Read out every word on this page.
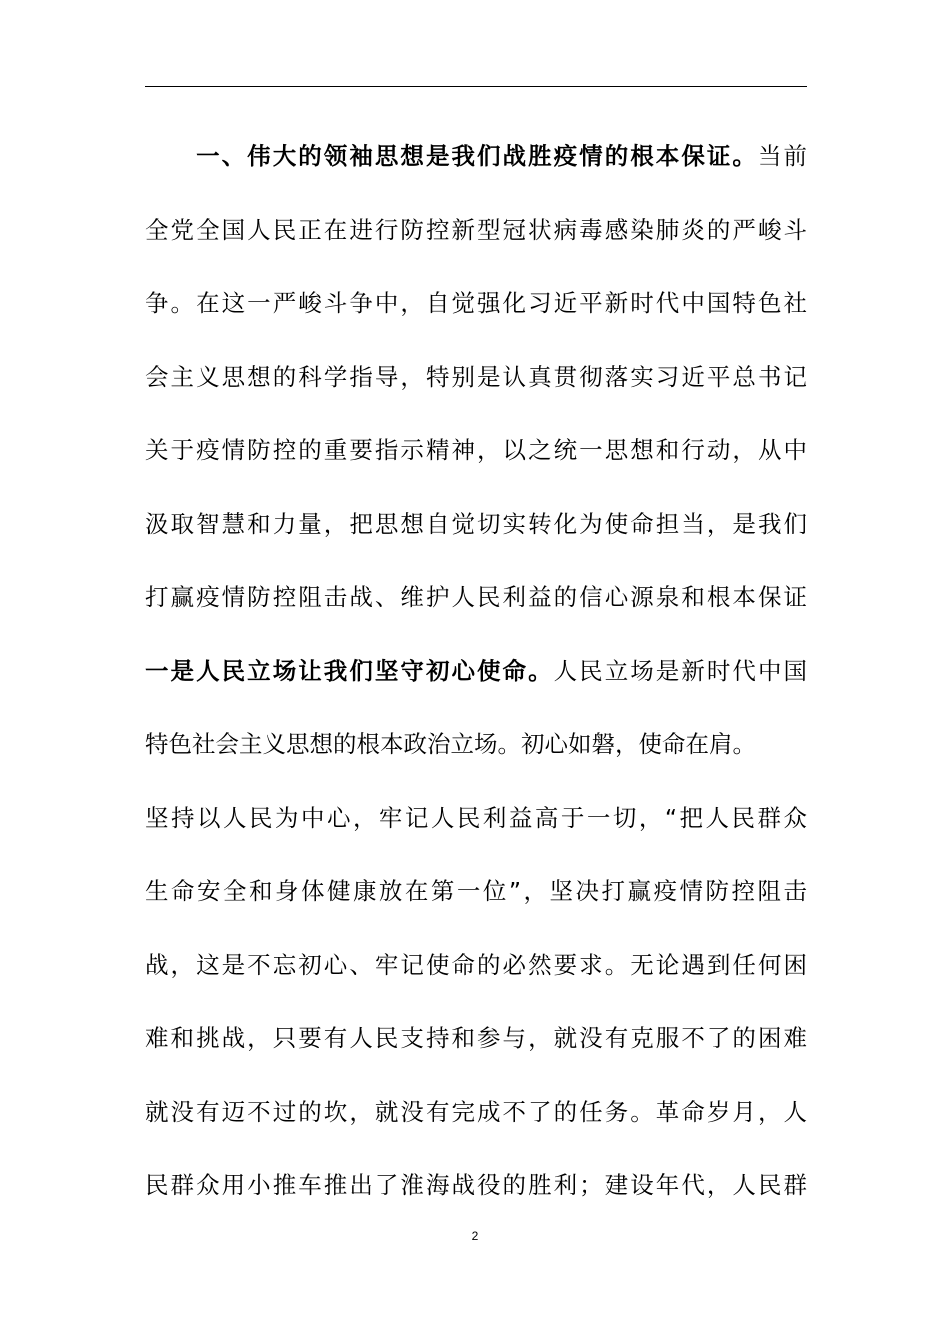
　　一、伟大的领袖思想是我们战胜疫情的根本保证。当前
全党全国人民正在进行防控新型冠状病毒感染肺炎的严峻斗
争。在这一严峻斗争中，自觉强化习近平新时代中国特色社
会主义思想的科学指导，特别是认真贯彻落实习近平总书记
关于疫情防控的重要指示精神，以之统一思想和行动，从中
汲取智慧和力量，把思想自觉切实转化为使命担当，是我们
打赢疫情防控阻击战、维护人民利益的信心源泉和根本保证
一是人民立场让我们坚守初心使命。人民立场是新时代中国
特色社会主义思想的根本政治立场。初心如磐，使命在肩。
坚持以人民为中心，牢记人民利益高于一切，“把人民群众
生命安全和身体健康放在第一位”，坚决打赢疫情防控阻击
战，这是不忘初心、牢记使命的必然要求。无论遇到任何困
难和挑战，只要有人民支持和参与，就没有克服不了的困难
就没有迈不过的坎，就没有完成不了的任务。革命岁月，人
民群众用小推车推出了淮海战役的胜利；建设年代，人民群
2
